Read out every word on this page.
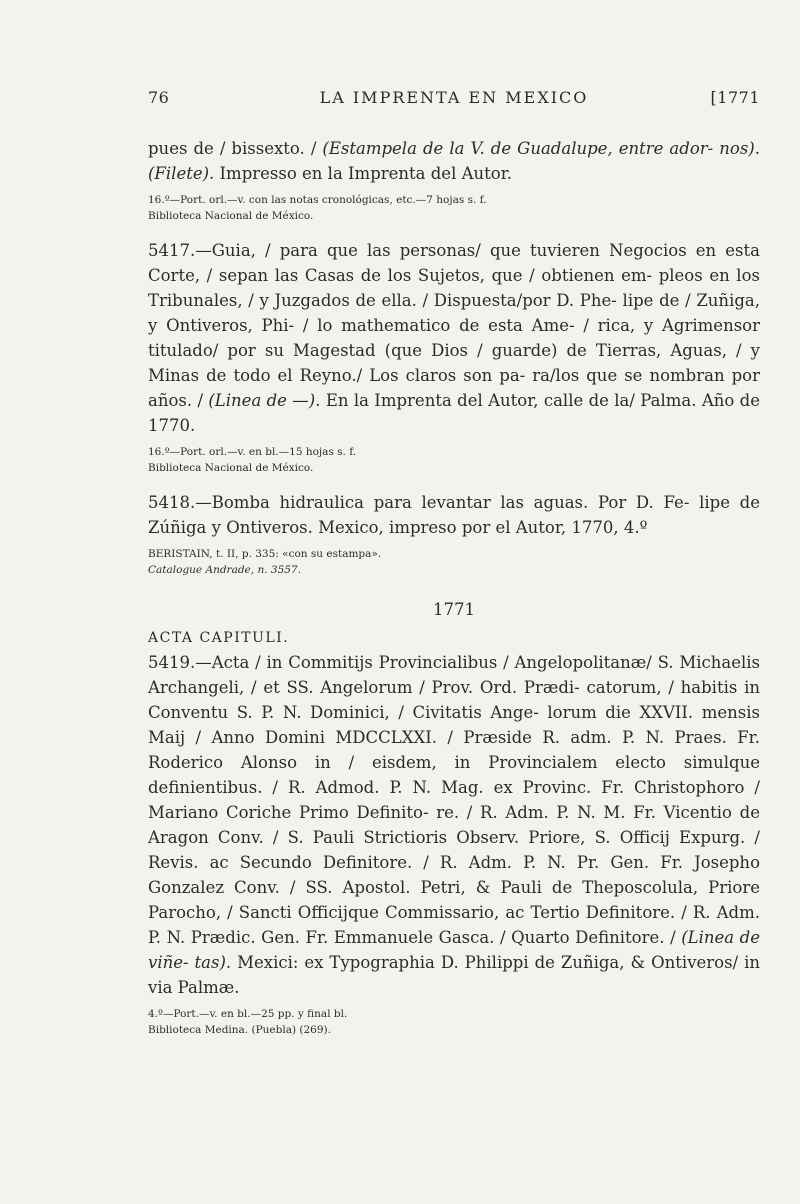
76	LA IMPRENTA EN MEXICO	[1771

pues de / bissexto. / (Estampela de la V. de Guadalupe, entre ador- nos). (Filete). Impresso en la Imprenta del Autor.

16.º—Port. orl.—v. con las notas cronológicas, etc.—7 hojas s. f.
Biblioteca Nacional de México.

5417.—Guia, / para que las personas/ que tuvieren Negocios en esta Corte, / sepan las Casas de los Sujetos, que / obtienen em- pleos en los Tribunales, / y Juzgados de ella. / Dispuesta/por D. Phe- lipe de / Zuñiga, y Ontiveros, Phi- / lo mathematico de esta Ame- / rica, y Agrimensor titulado/ por su Magestad (que Dios / guarde) de Tierras, Aguas, / y Minas de todo el Reyno./ Los claros son pa- ra/los que se nombran por años. / (Linea de —). En la Imprenta del Autor, calle de la/ Palma. Año de 1770.

16.º—Port. orl.—v. en bl.—15 hojas s. f.
Biblioteca Nacional de México.

5418.—Bomba hidraulica para levantar las aguas. Por D. Fe- lipe de Zúñiga y Ontiveros. Mexico, impreso por el Autor, 1770, 4.º

BERISTAIN, t. II, p. 335: «con su estampa».
Catalogue Andrade, n. 3557.

1771

ACTA CAPITULI.

5419.—Acta / in Commitijs Provincialibus / Angelopolitanæ/ S. Michaelis Archangeli, / et SS. Angelorum / Prov. Ord. Prædi- catorum, / habitis in Conventu S. P. N. Dominici, / Civitatis Ange- lorum die XXVII. mensis Maij / Anno Domini MDCCLXXI. / Præside R. adm. P. N. Praes. Fr. Roderico Alonso in / eisdem, in Provincialem electo simulque definientibus. / R. Admod. P. N. Mag. ex Provinc. Fr. Christophoro / Mariano Coriche Primo Definito- re. / R. Adm. P. N. M. Fr. Vicentio de Aragon Conv. / S. Pauli Strictioris Observ. Priore, S. Officij Expurg. / Revis. ac Secundo Definitore. / R. Adm. P. N. Pr. Gen. Fr. Josepho Gonzalez Conv. / SS. Apostol. Petri, & Pauli de Theposcolula, Priore Parocho, / Sancti Officijque Commissario, ac Tertio Definitore. / R. Adm. P. N. Prædic. Gen. Fr. Emmanuele Gasca. / Quarto Definitore. / (Linea de viñe- tas). Mexici: ex Typographia D. Philippi de Zuñiga, & Ontiveros/ in via Palmæ.

4.º—Port.—v. en bl.—25 pp. y final bl.
Biblioteca Medina. (Puebla) (269).
